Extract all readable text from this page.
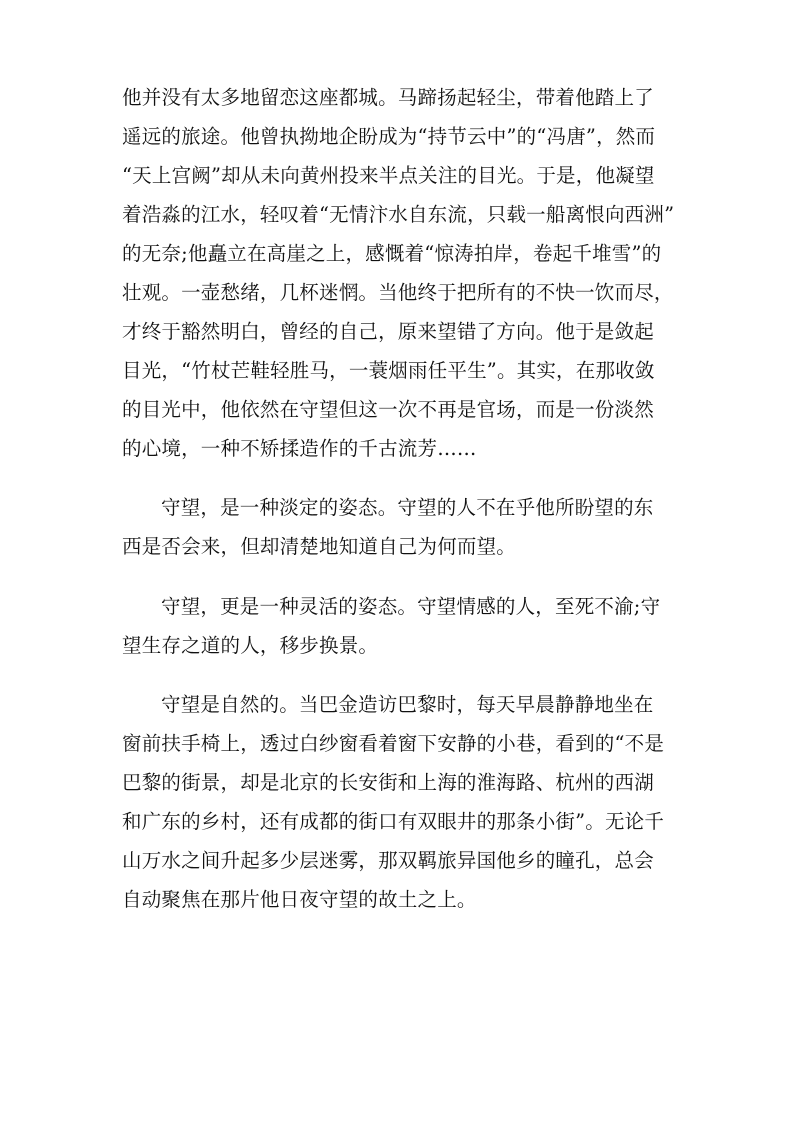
他并没有太多地留恋这座都城。马蹄扬起轻尘，带着他踏上了
遥远的旅途。他曾执拗地企盼成为“持节云中”的“冯唐”，然而
“天上宫阙”却从未向黄州投来半点关注的目光。于是，他凝望
着浩淼的江水，轻叹着“无情汴水自东流，只载一船离恨向西洲”
的无奈;他矗立在高崖之上，感慨着“惊涛拍岸，卷起千堆雪”的
壮观。一壶愁绪，几杯迷惘。当他终于把所有的不快一饮而尽，
才终于豁然明白，曾经的自己，原来望错了方向。他于是敛起
目光，“竹杖芒鞋轻胜马，一蓑烟雨任平生”。其实，在那收敛
的目光中，他依然在守望但这一次不再是官场，而是一份淡然
的心境，一种不矫揉造作的千古流芳……
守望，是一种淡定的姿态。守望的人不在乎他所盼望的东
西是否会来，但却清楚地知道自己为何而望。
守望，更是一种灵活的姿态。守望情感的人，至死不渝;守
望生存之道的人，移步换景。
守望是自然的。当巴金造访巴黎时，每天早晨静静地坐在
窗前扶手椅上，透过白纱窗看着窗下安静的小巷，看到的“不是
巴黎的街景，却是北京的长安街和上海的淮海路、杭州的西湖
和广东的乡村，还有成都的街口有双眼井的那条小街”。无论千
山万水之间升起多少层迷雾，那双羁旅异国他乡的瞳孔，总会
自动聚焦在那片他日夜守望的故土之上。
